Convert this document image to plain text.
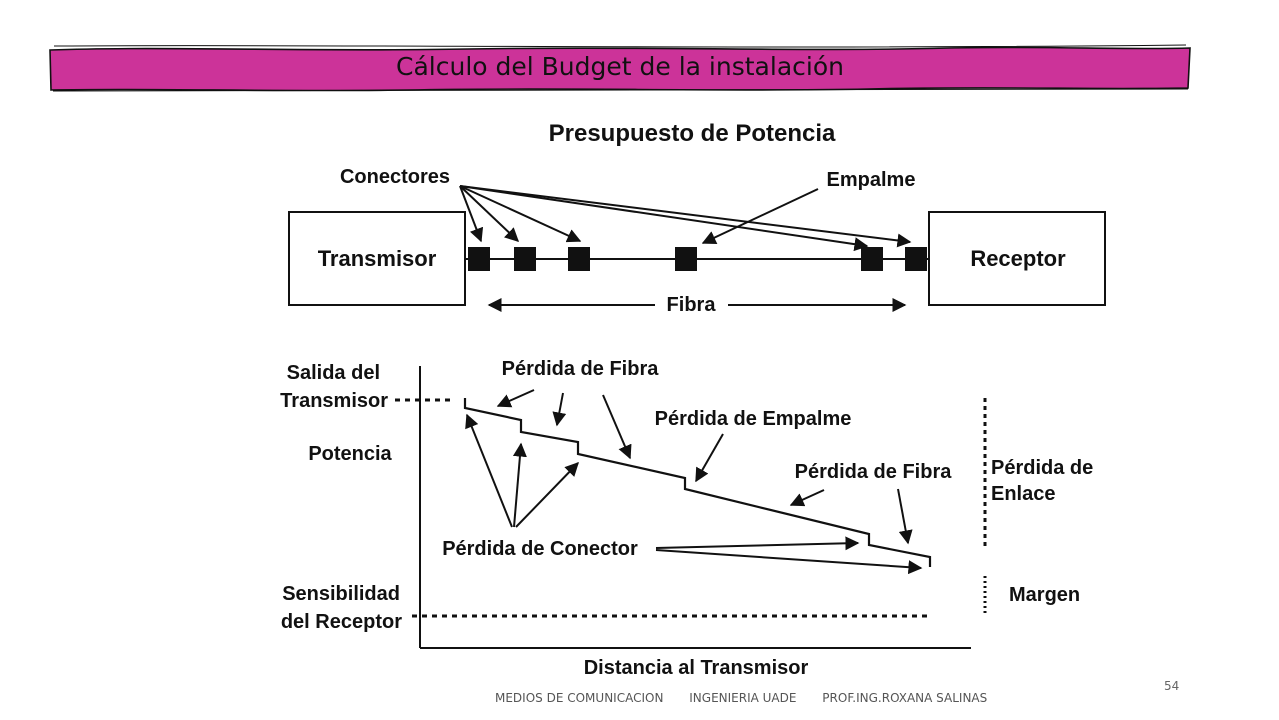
Cálculo del Budget de la instalación
Presupuesto de Potencia
Transmisor	Receptor
Conectores	Empalme
Fibra
Distancia al Transmisor
Potencia
Salida del
Transmisor
Sensibilidad
del Receptor
Pérdida de Fibra
Pérdida de Empalme
Pérdida de Fibra
Pérdida de Conector
Pérdida de
Enlace
Margen
MEDIOS DE COMUNICACION INGENIERIA UADE PROF.ING.ROXANA SALINAS
54
